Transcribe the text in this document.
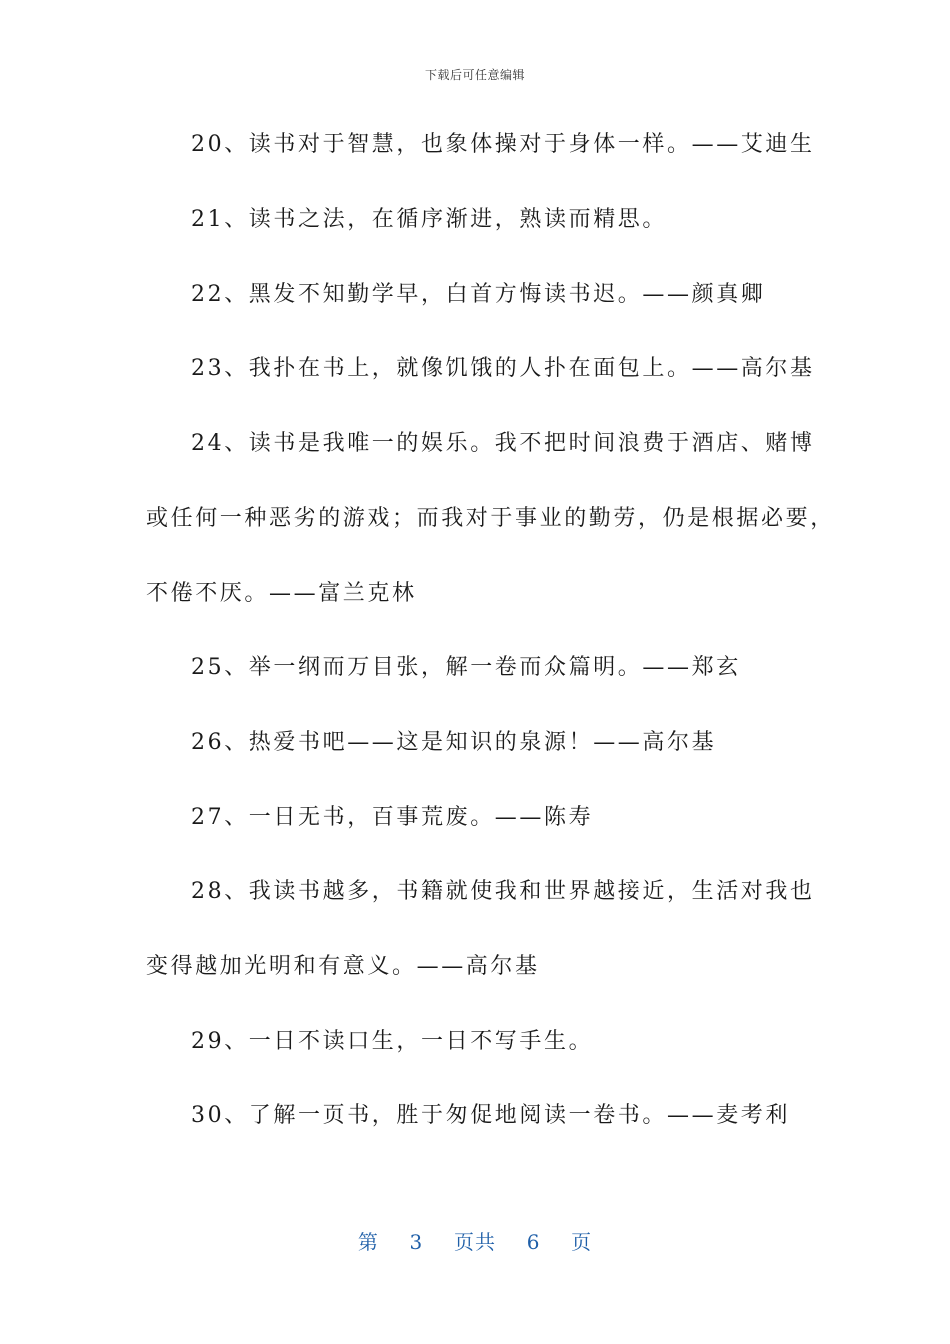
下载后可任意编辑
20、读书对于智慧，也象体操对于身体一样。——艾迪生
21、读书之法，在循序渐进，熟读而精思。
22、黑发不知勤学早，白首方悔读书迟。——颜真卿
23、我扑在书上，就像饥饿的人扑在面包上。——高尔基
24、读书是我唯一的娱乐。我不把时间浪费于酒店、赌博
或任何一种恶劣的游戏；而我对于事业的勤劳，仍是根据必要，
不倦不厌。——富兰克林
25、举一纲而万目张，解一卷而众篇明。——郑玄
26、热爱书吧——这是知识的泉源！——高尔基
27、一日无书，百事荒废。——陈寿
28、我读书越多，书籍就使我和世界越接近，生活对我也
变得越加光明和有意义。——高尔基
29、一日不读口生，一日不写手生。
30、了解一页书，胜于匆促地阅读一卷书。——麦考利
第 3 页共 6 页
